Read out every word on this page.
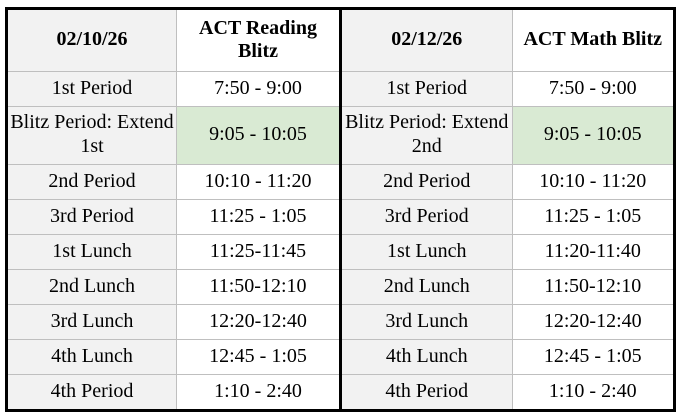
02/10/26	ACT Reading Blitz
1st Period	7:50 - 9:00
Blitz Period: Extend 1st	9:05 - 10:05
2nd Period	10:10 - 11:20
3rd Period	11:25 - 1:05
1st Lunch	11:25-11:45
2nd Lunch	11:50-12:10
3rd Lunch	12:20-12:40
4th Lunch	12:45 - 1:05
4th Period	1:10 - 2:40
02/12/26	ACT Math Blitz
1st Period	7:50 - 9:00
Blitz Period: Extend 2nd	9:05 - 10:05
2nd Period	10:10 - 11:20
3rd Period	11:25 - 1:05
1st Lunch	11:20-11:40
2nd Lunch	11:50-12:10
3rd Lunch	12:20-12:40
4th Lunch	12:45 - 1:05
4th Period	1:10 - 2:40
